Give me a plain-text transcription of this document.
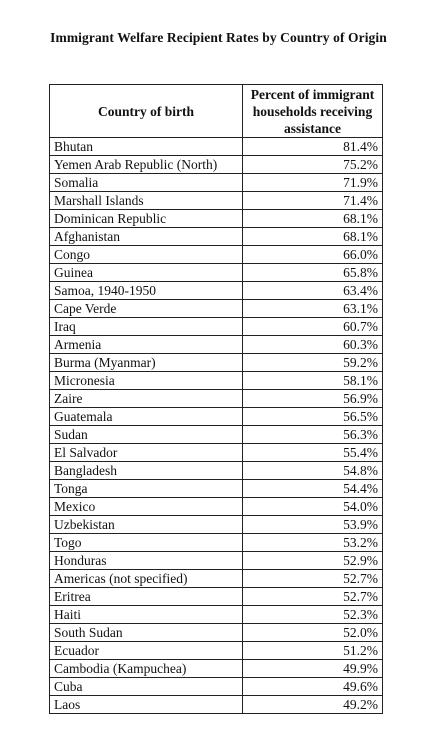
Immigrant Welfare Recipient Rates by Country of Origin
Country of birth	Percent of immigrant
households receiving
assistance
Bhutan	81.4%
Yemen Arab Republic (North)	75.2%
Somalia	71.9%
Marshall Islands	71.4%
Dominican Republic	68.1%
Afghanistan	68.1%
Congo	66.0%
Guinea	65.8%
Samoa, 1940-1950	63.4%
Cape Verde	63.1%
Iraq	60.7%
Armenia	60.3%
Burma (Myanmar)	59.2%
Micronesia	58.1%
Zaire	56.9%
Guatemala	56.5%
Sudan	56.3%
El Salvador	55.4%
Bangladesh	54.8%
Tonga	54.4%
Mexico	54.0%
Uzbekistan	53.9%
Togo	53.2%
Honduras	52.9%
Americas (not specified)	52.7%
Eritrea	52.7%
Haiti	52.3%
South Sudan	52.0%
Ecuador	51.2%
Cambodia (Kampuchea)	49.9%
Cuba	49.6%
Laos	49.2%
